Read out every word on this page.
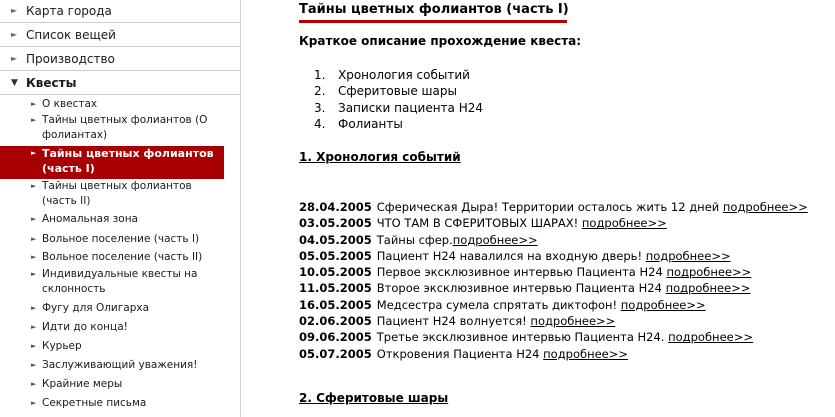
► Карта города
► Список вещей
► Производство
▼ Квесты
► О квестах
► Тайны цветных фолиантов (О фолиантах)
► Тайны цветных фолиантов (часть I)
► Тайны цветных фолиантов (часть II)
► Аномальная зона
► Вольное поселение (часть I)
► Вольное поселение (часть II)
► Индивидуальные квесты на склонность
► Фугу для Олигарха
► Идти до конца!
► Курьер
► Заслуживающий уважения!
► Крайние меры
► Секретные письма
Тайны цветных фолиантов (часть I)
Краткое описание прохождение квеста:
1. Хронология событий
2. Сферитовые шары
3. Записки пациента Н24
4. Фолианты
1. Хронология событий
28.04.2005 Сферическая Дыра! Территории осталось жить 12 дней подробнее>>
03.05.2005 ЧТО ТАМ В СФЕРИТОВЫХ ШАРАХ! подробнее>>
04.05.2005 Тайны сфер.подробнее>>
05.05.2005 Пациент Н24 навалился на входную дверь! подробнее>>
10.05.2005 Первое эксклюзивное интервью Пациента Н24 подробнее>>
11.05.2005 Второе эксклюзивное интервью Пациента Н24 подробнее>>
16.05.2005 Медсестра сумела спрятать диктофон! подробнее>>
02.06.2005 Пациент Н24 волнуется! подробнее>>
09.06.2005 Третье эксклюзивное интервью Пациента Н24. подробнее>>
05.07.2005 Откровения Пациента Н24 подробнее>>
2. Сферитовые шары
